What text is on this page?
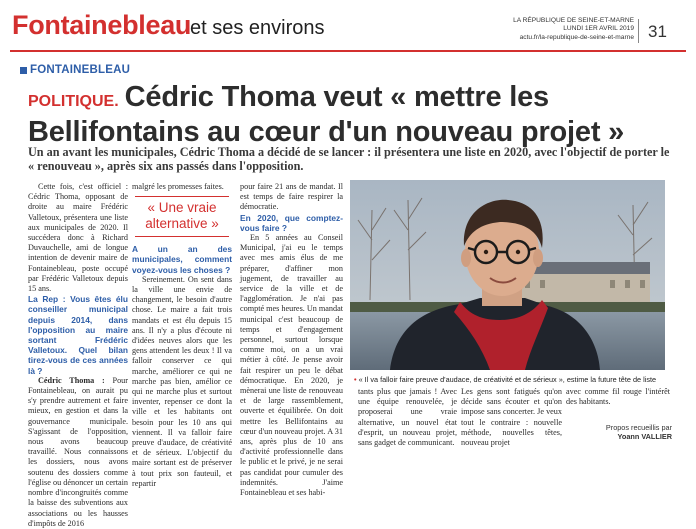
Fontainebleau
et ses environs	LA RÉPUBLIQUE DE SEINE-ET-MARNE
LUNDI 1ER AVRIL 2019
actu.fr/la-republique-de-seine-et-marne 31
FONTAINEBLEAU
POLITIQUE. Cédric Thoma veut « mettre les Bellifontains au cœur d'un nouveau projet »

Un an avant les municipales, Cédric Thoma a décidé de se lancer : il présentera une liste en 2020, avec l'objectif de porter le « renouveau », après six ans passés dans l'opposition.

Cette fois, c'est officiel : Cédric Thoma, opposant de droite au maire Frédéric Valletoux, présentera une liste aux municipales de 2020. Il succédera donc à Richard Duvauchelle, ami de longue intention de devenir maire de Fontainebleau, poste occupé par Frédéric Valletoux depuis 15 ans.

La Rep : Vous êtes élu conseiller municipal depuis 2014, dans l'opposition au maire sortant Frédéric Valletoux. Quel bilan tirez-vous de ces années là ?

Cédric Thoma : Pour Fontainebleau, on aurait pu s'y prendre autrement et faire mieux, en gestion et dans la gouvernance municipale. S'agissant de l'opposition, nous avons beaucoup travaillé. Nous connaissons les dossiers, nous avons soutenu des dossiers comme l'église ou dénoncer un certain nombre d'incongruités comme la baisse des subventions aux associations ou les hausses d'impôts de 2016

malgré les promesses faites.

« Une vraie alternative »

A un an des municipales, comment voyez-vous les choses ?

Sereinement. On sent dans la ville une envie de changement, le besoin d'autre chose. Le maire a fait trois mandats et est élu depuis 15 ans. Il n'y a plus d'écoute ni d'idées neuves alors que les gens attendent les deux ! Il va falloir conserver ce qui marche, améliorer ce qui ne marche pas bien, amélior ce qui ne marche plus et surtout inventer, repenser ce dont la ville et les habitants ont besoin pour les 10 ans qui viennent. Il va falloir faire preuve d'audace, de créativité et de sérieux. L'objectif du maire sortant est de préserver à tout prix son fauteuil, et repartir

pour faire 21 ans de mandat. Il est temps de faire respirer la démocratie.

En 2020, que comptez-vous faire ?

En 5 années au Conseil Municipal, j'ai eu le temps avec mes amis élus de me préparer, d'affiner mon jugement, de travailler au service de la ville et de l'agglomération. Je n'ai pas compté mes heures. Un mandat municipal c'est beaucoup de temps et d'engagement personnel, surtout lorsque comme moi, on a un vrai métier à côté. Je pense avoir fait respirer un peu le débat démocratique. En 2020, je mènerai une liste de renouveau et de large rassemblement, ouverte et équilibrée. On doit mettre les Bellifontains au cœur d'un nouveau projet. A 31 ans, après plus de 10 ans d'activité professionnelle dans le public et le privé, je ne serai pas candidat pour cumuler des indemnités. J'aime Fontainebleau et ses habi-

• « Il va falloir faire preuve d'audace, de créativité et de sérieux », estime la future tête de liste

tants plus que jamais ! Avec une équipe renouvelée, je proposerai une vraie alternative, un nouvel état d'esprit, un nouveau projet, sans gadget de communicant.

Les gens sont fatigués qu'on décide sans écouter et qu'on impose sans concerter. Je veux tout le contraire : nouvelle méthode, nouvelles têtes, nouveau projet

avec comme fil rouge l'intérêt des habitants.

Propos recueillis par
Yoann VALLIER
